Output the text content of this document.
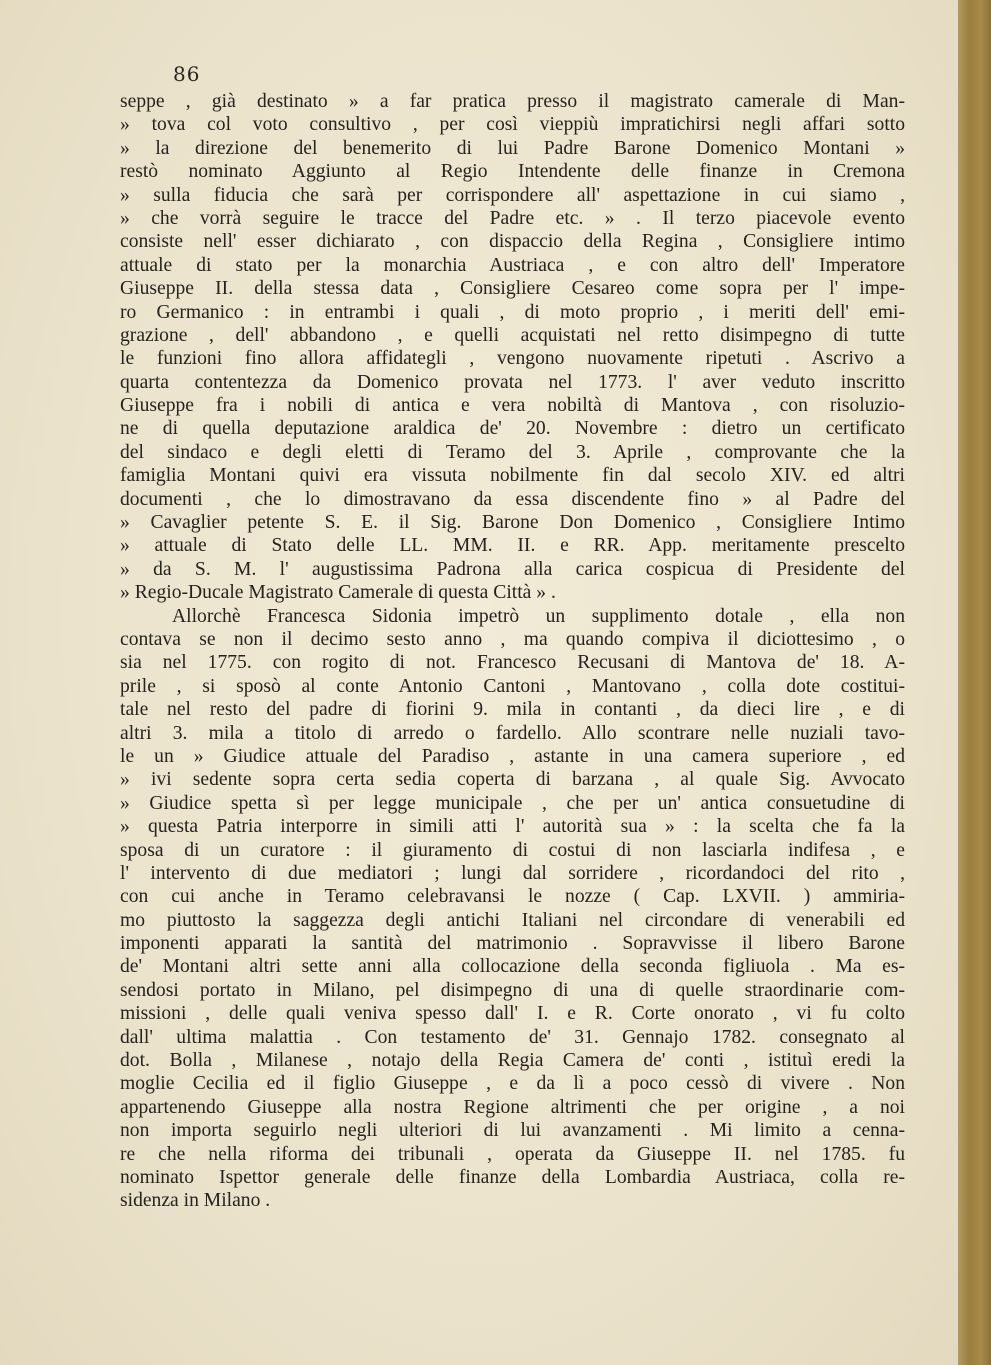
86
seppe , già destinato » a far pratica presso il magistrato camerale di Man-
» tova col voto consultivo , per così vieppiù impratichirsi negli affari sotto
» la direzione del benemerito di lui Padre Barone Domenico Montani »
restò nominato Aggiunto al Regio Intendente delle finanze in Cremona
» sulla fiducia che sarà per corrispondere all' aspettazione in cui siamo ,
» che vorrà seguire le tracce del Padre etc. » . Il terzo piacevole evento
consiste nell' esser dichiarato , con dispaccio della Regina , Consigliere intimo
attuale di stato per la monarchia Austriaca , e con altro dell' Imperatore
Giuseppe II. della stessa data , Consigliere Cesareo come sopra per l' impe-
ro Germanico : in entrambi i quali , di moto proprio , i meriti dell' emi-
grazione , dell' abbandono , e quelli acquistati nel retto disimpegno di tutte
le funzioni fino allora affidategli , vengono nuovamente ripetuti . Ascrivo a
quarta contentezza da Domenico provata nel 1773. l' aver veduto inscritto
Giuseppe fra i nobili di antica e vera nobiltà di Mantova , con risoluzio-
ne di quella deputazione araldica de' 20. Novembre : dietro un certificato
del sindaco e degli eletti di Teramo del 3. Aprile , comprovante che la
famiglia Montani quivi era vissuta nobilmente fin dal secolo XIV. ed altri
documenti , che lo dimostravano da essa discendente fino » al Padre del
» Cavaglier petente S. E. il Sig. Barone Don Domenico , Consigliere Intimo
» attuale di Stato delle LL. MM. II. e RR. App. meritamente prescelto
» da S. M. l' augustissima Padrona alla carica cospicua di Presidente del
» Regio-Ducale Magistrato Camerale di questa Città » .
Allorchè Francesca Sidonia impetrò un supplimento dotale , ella non
contava se non il decimo sesto anno , ma quando compiva il diciottesimo , o
sia nel 1775. con rogito di not. Francesco Recusani di Mantova de' 18. A-
prile , si sposò al conte Antonio Cantoni , Mantovano , colla dote costitui-
tale nel resto del padre di fiorini 9. mila in contanti , da dieci lire , e di
altri 3. mila a titolo di arredo o fardello. Allo scontrare nelle nuziali tavo-
le un » Giudice attuale del Paradiso , astante in una camera superiore , ed
» ivi sedente sopra certa sedia coperta di barzana , al quale Sig. Avvocato
» Giudice spetta sì per legge municipale , che per un' antica consuetudine di
» questa Patria interporre in simili atti l' autorità sua » : la scelta che fa la
sposa di un curatore : il giuramento di costui di non lasciarla indifesa , e
l' intervento di due mediatori ; lungi dal sorridere , ricordandoci del rito ,
con cui anche in Teramo celebravansi le nozze ( Cap. LXVII. ) ammiria-
mo piuttosto la saggezza degli antichi Italiani nel circondare di venerabili ed
imponenti apparati la santità del matrimonio . Sopravvisse il libero Barone
de' Montani altri sette anni alla collocazione della seconda figliuola . Ma es-
sendosi portato in Milano, pel disimpegno di una di quelle straordinarie com-
missioni , delle quali veniva spesso dall' I. e R. Corte onorato , vi fu colto
dall' ultima malattia . Con testamento de' 31. Gennajo 1782. consegnato al
dot. Bolla , Milanese , notajo della Regia Camera de' conti , istituì eredi la
moglie Cecilia ed il figlio Giuseppe , e da lì a poco cessò di vivere . Non
appartenendo Giuseppe alla nostra Regione altrimenti che per origine , a noi
non importa seguirlo negli ulteriori di lui avanzamenti . Mi limito a cenna-
re che nella riforma dei tribunali , operata da Giuseppe II. nel 1785. fu
nominato Ispettor generale delle finanze della Lombardia Austriaca, colla re-
sidenza in Milano .
